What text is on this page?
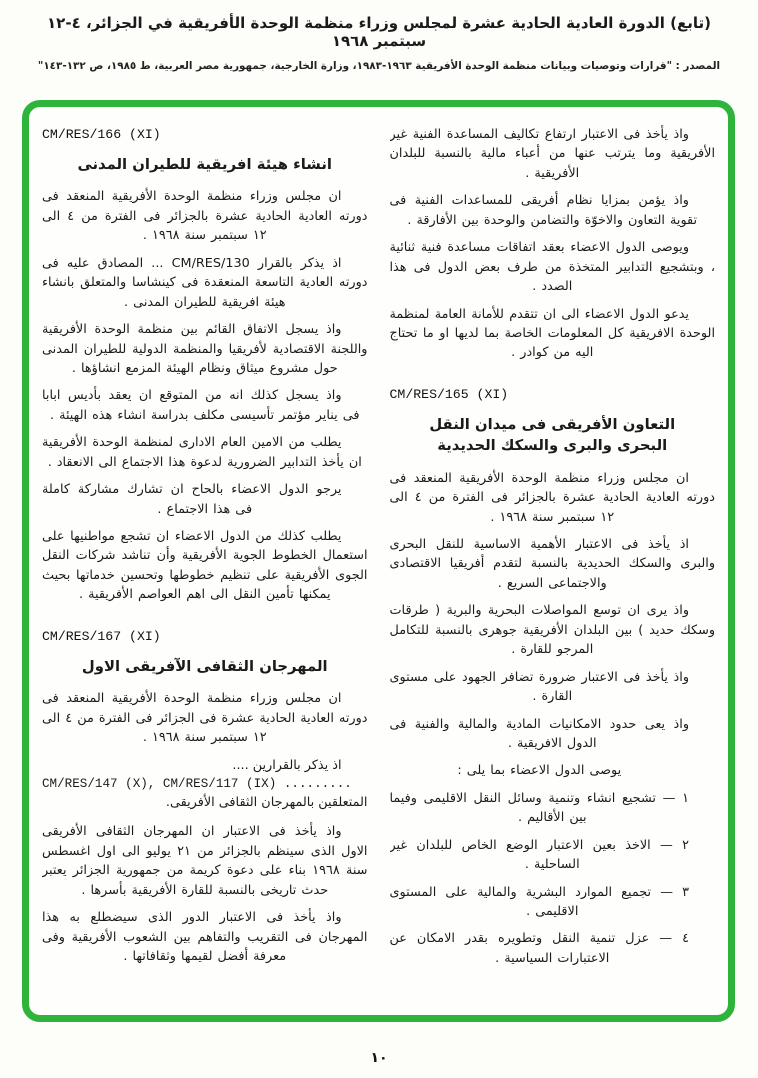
(تابع) الدورة العادية الحادية عشرة لمجلس وزراء منظمة الوحدة الأفريقية في الجزائر، ٤-١٢ سبتمبر ١٩٦٨
المصدر : "قرارات وتوصيات وبيانات منظمة الوحدة الأفريقية ١٩٦٣-١٩٨٣، وزارة الخارجية، جمهورية مصر العربية، ط ١٩٨٥، ص ١٣٢-١٤٣"

واذ يأخذ فى الاعتبار ارتفاع تكاليف المساعدة الفنية غير الأفريقية وما يترتب عنها من أعباء مالية بالنسبة للبلدان الأفريقية .

واذ يؤمن بمزايا نظام أفريقى للمساعدات الفنية فى تقوية التعاون والاخوّة والتضامن والوحدة بين الأفارقة .

ويوصى الدول الاعضاء بعقد اتفاقات مساعدة فنية ثنائية ، وبتشجيع التدابير المتخذة من طرف بعض الدول فى هذا الصدد .

يدعو الدول الاعضاء الى ان تتقدم للأمانة العامة لمنظمة الوحدة الافريقية كل المعلومات الخاصة بما لديها او ما تحتاج اليه من كوادر .

CM/RES/165 (XI)
التعاون الأفريقى فى ميدان النقل
البحرى والبرى والسكك الحديدية

ان مجلس وزراء منظمة الوحدة الأفريقية المنعقد فى دورته العادية الحادية عشرة بالجزائر فى الفترة من ٤ الى ١٢ سبتمبر سنة ١٩٦٨ .

اذ يأخذ فى الاعتبار الأهمية الاساسية للنقل البحرى والبرى والسكك الحديدية بالنسبة لتقدم أفريقيا الاقتصادى والاجتماعى السريع .

واذ يرى ان توسع المواصلات البحرية والبرية ( طرقات وسكك حديد ) بين البلدان الأفريقية جوهرى بالنسبة للتكامل المرجو للقارة .

واذ يأخذ فى الاعتبار ضرورة تضافر الجهود على مستوى القارة .

واذ يعى حدود الامكانيات المادية والمالية والفنية فى الدول الافريقية .

يوصى الدول الاعضاء بما يلى :

١ — تشجيع انشاء وتنمية وسائل النقل الاقليمى وفيما بين الأقاليم .

٢ — الاخذ بعين الاعتبار الوضع الخاص للبلدان غير الساحلية .

٣ — تجميع الموارد البشرية والمالية على المستوى الاقليمى .

٤ — عزل تنمية النقل وتطويره بقدر الامكان عن الاعتبارات السياسية .

CM/RES/166 (XI)
انشاء هيئة افريقية للطيران المدنى

ان مجلس وزراء منظمة الوحدة الأفريقية المنعقد فى دورته العادية الحادية عشرة بالجزائر فى الفترة من ٤ الى ١٢ سبتمبر سنة ١٩٦٨ .

اذ يذكر بالقرار CM/RES/130 ... المصادق عليه فى دورته العادية التاسعة المنعقدة فى كينشاسا والمتعلق بانشاء هيئة افريقية للطيران المدنى .

واذ يسجل الاتفاق القائم بين منظمة الوحدة الأفريقية واللجنة الاقتصادية لأفريقيا والمنظمة الدولية للطيران المدنى حول مشروع ميثاق ونظام الهيئة المزمع انشاؤها .

واذ يسجل كذلك انه من المتوقع ان يعقد بأديس ابابا فى يناير مؤتمر تأسيسى مكلف بدراسة انشاء هذه الهيئة .

يطلب من الامين العام الادارى لمنظمة الوحدة الأفريقية ان يأخذ التدابير الضرورية لدعوة هذا الاجتماع الى الانعقاد .

يرجو الدول الاعضاء بالحاح ان تشارك مشاركة كاملة فى هذا الاجتماع .

يطلب كذلك من الدول الاعضاء ان تشجع مواطنيها على استعمال الخطوط الجوية الأفريقية وأن تناشد شركات النقل الجوى الأفريقية على تنظيم خطوطها وتحسين خدماتها بحيث يمكنها تأمين النقل الى اهم العواصم الأفريقية .

CM/RES/167 (XI)
المهرجان الثقافى الآفريقى الاول

ان مجلس وزراء منظمة الوحدة الأفريقية المنعقد فى دورته العادية الحادية عشرة فى الجزائر فى الفترة من ٤ الى ١٢ سبتمبر سنة ١٩٦٨ .

اذ يذكر بالقرارين ....

CM/RES/147 (X), CM/RES/117 (IX) .........

المتعلقين بالمهرجان الثقافى الأفريقى.

واذ يأخذ فى الاعتبار ان المهرجان الثقافى الأفريقى الاول الذى سينظم بالجزائر من ٢١ يوليو الى اول اغسطس سنة ١٩٦٨ بناء على دعوة كريمة من جمهورية الجزائر يعتبر حدث تاريخى بالنسبة للقارة الأفريقية بأسرها .

واذ يأخذ فى الاعتبار الدور الذى سيضطلع به هذا المهرجان فى التقريب والتفاهم بين الشعوب الأفريقية وفى معرفة أفضل لقيمها وثقافاتها .

١٠
